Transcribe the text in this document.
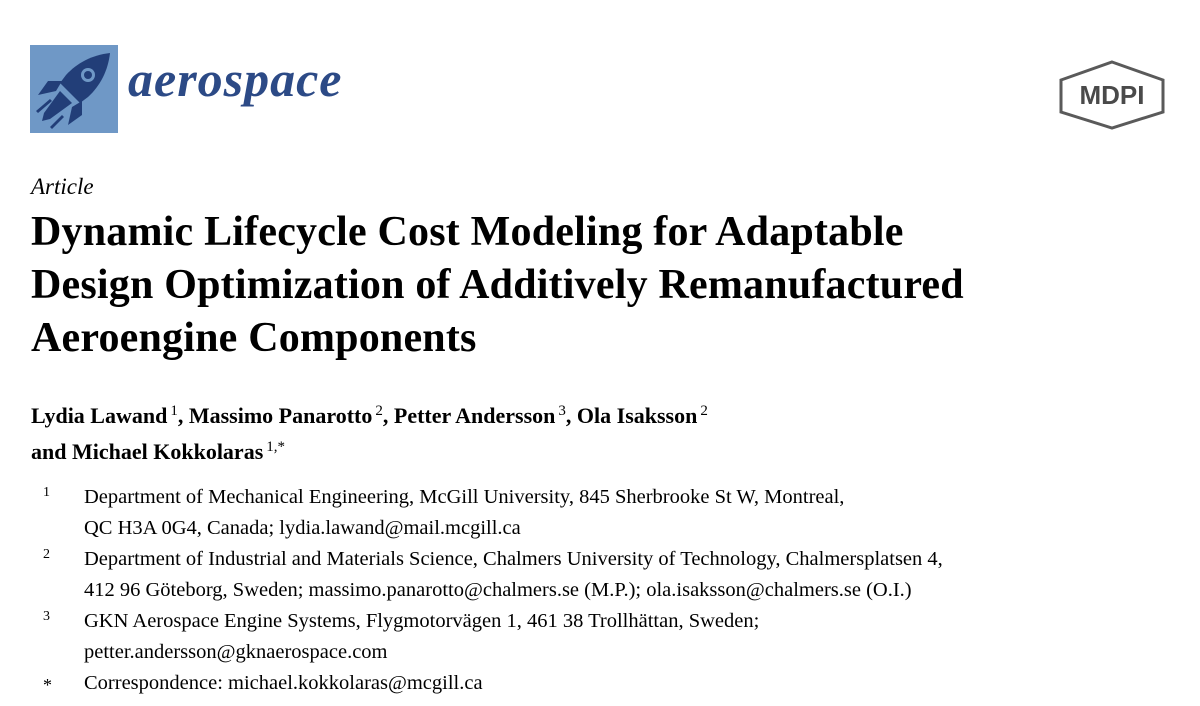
aerospace	MDPI
Article
Dynamic Lifecycle Cost Modeling for Adaptable
Design Optimization of Additively Remanufactured
Aeroengine Components
Lydia Lawand $^1$, Massimo Panarotto $^2$, Petter Andersson $^3$, Ola Isaksson $^2$
and Michael Kokkolaras $^{1,*}$
1 Department of Mechanical Engineering, McGill University, 845 Sherbrooke St W, Montreal,
QC H3A 0G4, Canada; lydia.lawand@mail.mcgill.ca
2 Department of Industrial and Materials Science, Chalmers University of Technology, Chalmersplatsen 4,
412 96 Göteborg, Sweden; massimo.panarotto@chalmers.se (M.P.); ola.isaksson@chalmers.se (O.I.)
3 GKN Aerospace Engine Systems, Flygmotorvägen 1, 461 38 Trollhättan, Sweden;
petter.andersson@gknaerospace.com
* Correspondence: michael.kokkolaras@mcgill.ca
